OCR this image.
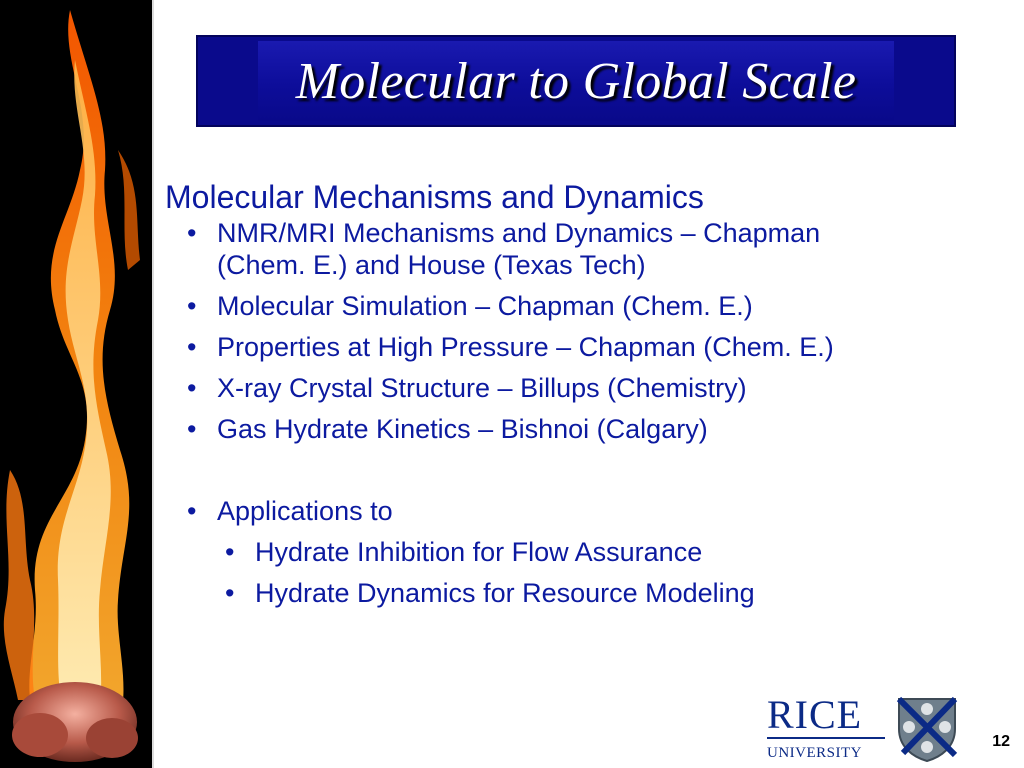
Molecular to Global Scale

Molecular Mechanisms and Dynamics

• NMR/MRI Mechanisms and Dynamics – Chapman
(Chem. E.) and House (Texas Tech)
• Molecular Simulation – Chapman (Chem. E.)
• Properties at High Pressure – Chapman (Chem. E.)
• X-ray Crystal Structure – Billups (Chemistry)
• Gas Hydrate Kinetics – Bishnoi (Calgary)
• Applications to
• Hydrate Inhibition for Flow Assurance
• Hydrate Dynamics for Resource Modeling
RICE
UNIVERSITY
12
